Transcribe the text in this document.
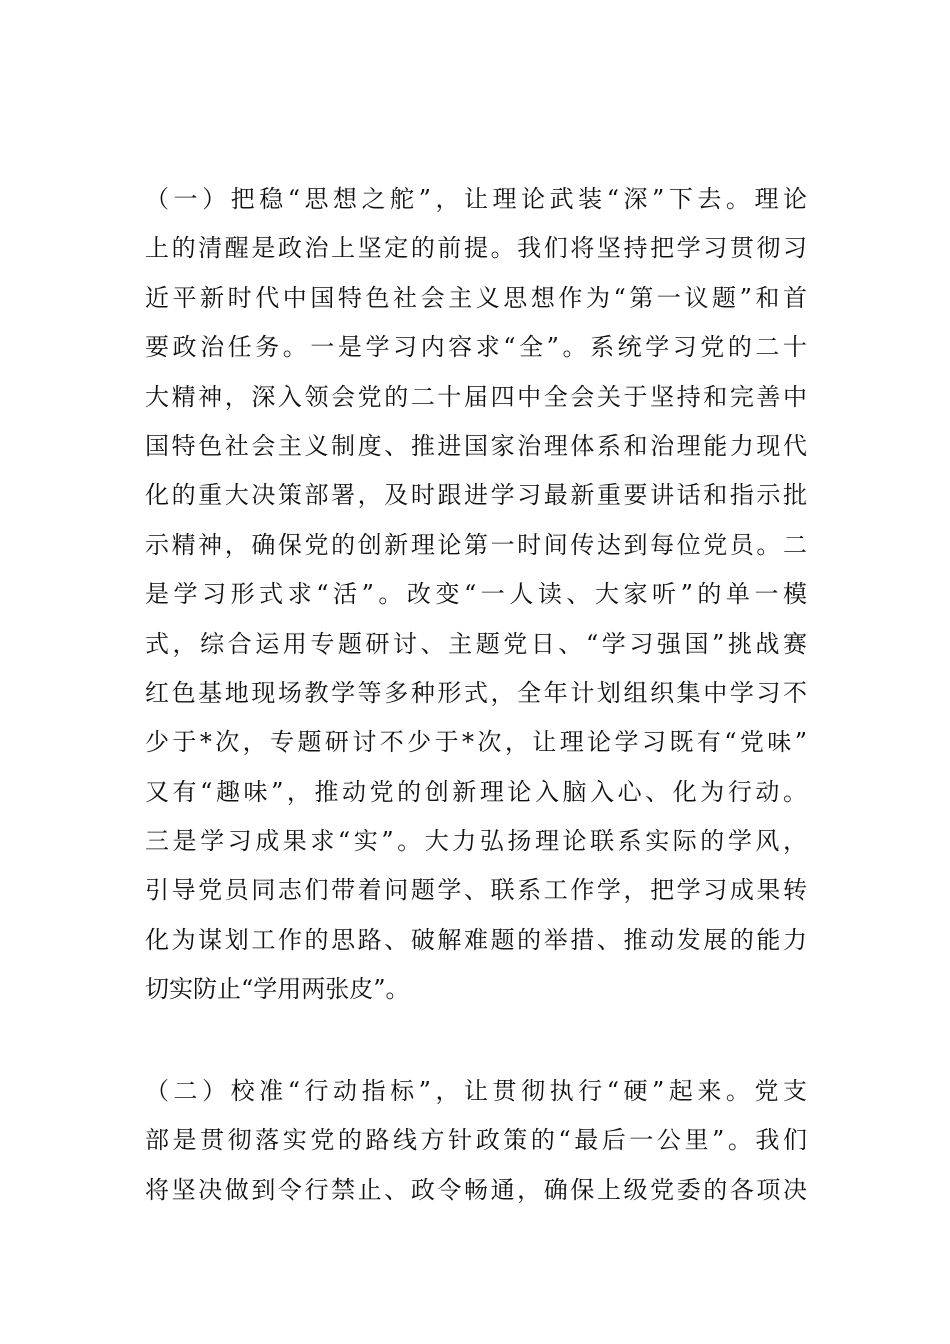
（一）把稳“思想之舵”，让理论武装“深”下去。理论
上的清醒是政治上坚定的前提。我们将坚持把学习贯彻习
近平新时代中国特色社会主义思想作为“第一议题”和首
要政治任务。一是学习内容求“全”。系统学习党的二十
大精神，深入领会党的二十届四中全会关于坚持和完善中
国特色社会主义制度、推进国家治理体系和治理能力现代
化的重大决策部署，及时跟进学习最新重要讲话和指示批
示精神，确保党的创新理论第一时间传达到每位党员。二
是学习形式求“活”。改变“一人读、大家听”的单一模
式，综合运用专题研讨、主题党日、“学习强国”挑战赛
红色基地现场教学等多种形式，全年计划组织集中学习不
少于*次，专题研讨不少于*次，让理论学习既有“党味”
又有“趣味”，推动党的创新理论入脑入心、化为行动。
三是学习成果求“实”。大力弘扬理论联系实际的学风，
引导党员同志们带着问题学、联系工作学，把学习成果转
化为谋划工作的思路、破解难题的举措、推动发展的能力
切实防止“学用两张皮”。
（二）校准“行动指标”，让贯彻执行“硬”起来。党支
部是贯彻落实党的路线方针政策的“最后一公里”。我们
将坚决做到令行禁止、政令畅通，确保上级党委的各项决
